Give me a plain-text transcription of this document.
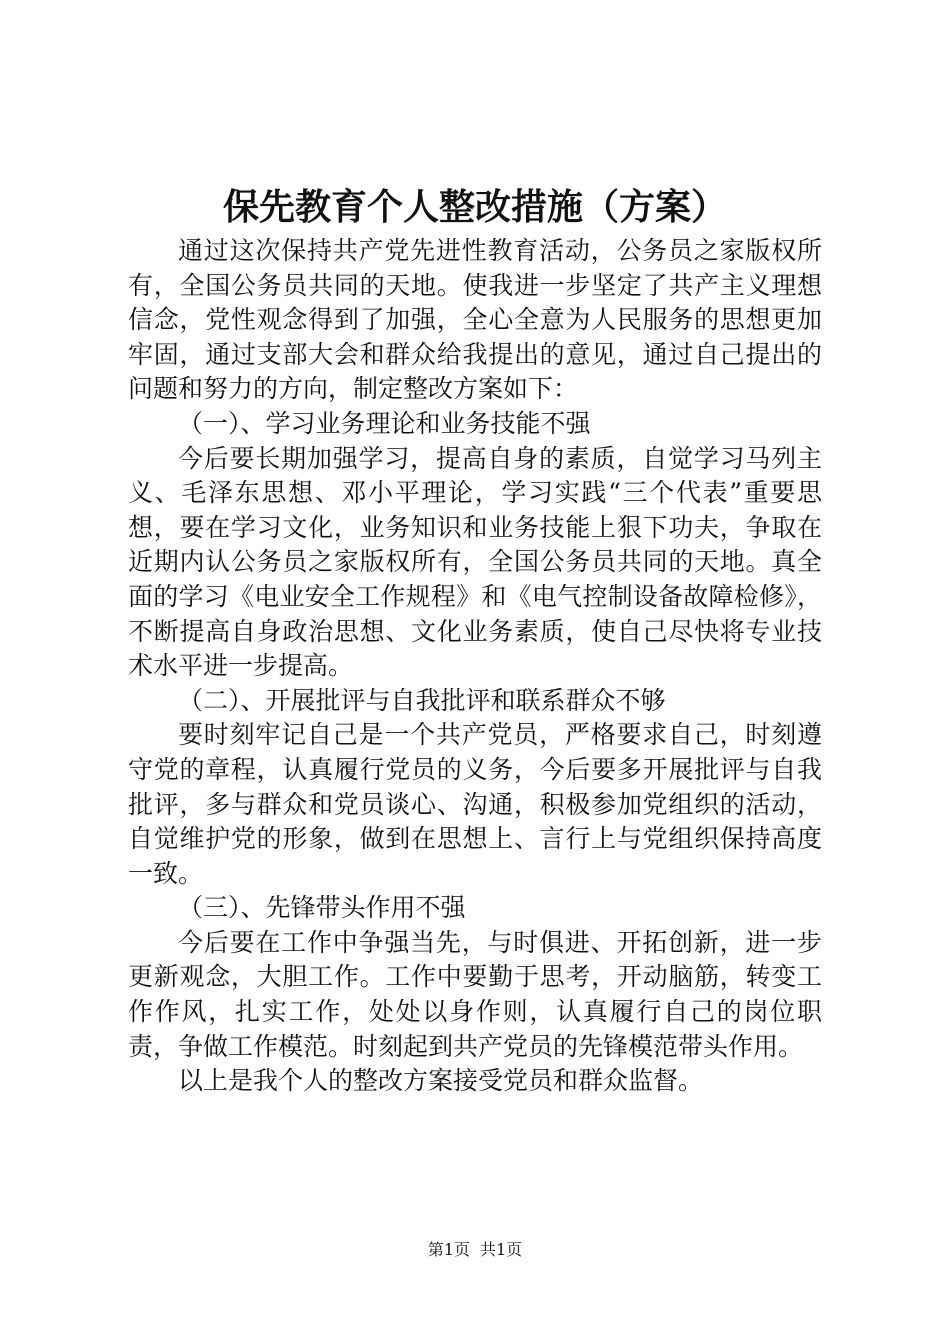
保先教育个人整改措施（方案）

通过这次保持共产党先进性教育活动，公务员之家版权所有，全国公务员共同的天地。使我进一步坚定了共产主义理想信念，党性观念得到了加强，全心全意为人民服务的思想更加牢固，通过支部大会和群众给我提出的意见，通过自己提出的问题和努力的方向，制定整改方案如下：

（一）、学习业务理论和业务技能不强

今后要长期加强学习，提高自身的素质，自觉学习马列主义、毛泽东思想、邓小平理论，学习实践“三个代表”重要思想，要在学习文化，业务知识和业务技能上狠下功夫，争取在近期内认公务员之家版权所有，全国公务员共同的天地。真全面的学习《电业安全工作规程》和《电气控制设备故障检修》，不断提高自身政治思想、文化业务素质，使自己尽快将专业技术水平进一步提高。

（二）、开展批评与自我批评和联系群众不够

要时刻牢记自己是一个共产党员，严格要求自己，时刻遵守党的章程，认真履行党员的义务，今后要多开展批评与自我批评，多与群众和党员谈心、沟通，积极参加党组织的活动，自觉维护党的形象，做到在思想上、言行上与党组织保持高度一致。

（三）、先锋带头作用不强

今后要在工作中争强当先，与时俱进、开拓创新，进一步更新观念，大胆工作。工作中要勤于思考，开动脑筋，转变工作作风，扎实工作，处处以身作则，认真履行自己的岗位职责，争做工作模范。时刻起到共产党员的先锋模范带头作用。

以上是我个人的整改方案接受党员和群众监督。

第1页 共1页
